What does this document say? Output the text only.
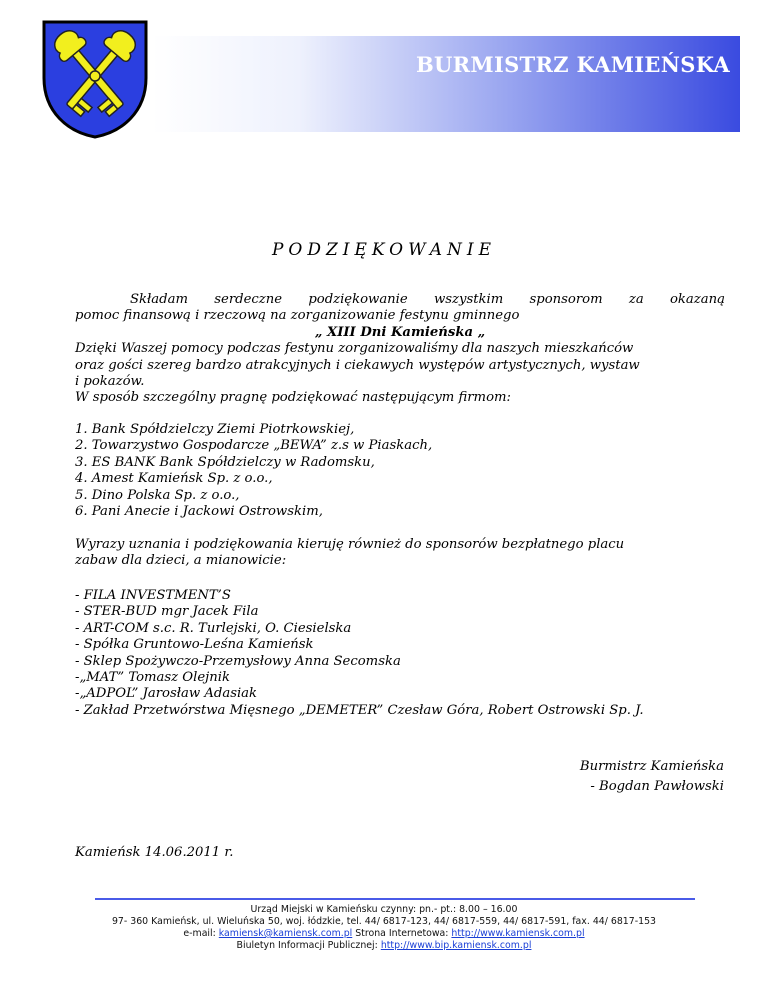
BURMISTRZ KAMIEŃSKA
PODZIĘKOWANIE
Składam serdeczne podziękowanie wszystkim sponsorom za okazaną
pomoc finansową i rzeczową na zorganizowanie festynu gminnego
„ XIII Dni Kamieńska „
Dzięki Waszej pomocy podczas festynu zorganizowaliśmy dla naszych mieszkańców
oraz gości szereg bardzo atrakcyjnych i ciekawych występów artystycznych, wystaw
i pokazów.
W sposób szczególny pragnę podziękować następującym firmom:
1. Bank Spółdzielczy Ziemi Piotrkowskiej,
2. Towarzystwo Gospodarcze „BEWA” z.s w Piaskach,
3. ES BANK Bank Spółdzielczy w Radomsku,
4. Amest Kamieńsk Sp. z o.o.,
5. Dino Polska Sp. z o.o.,
6. Pani Anecie i Jackowi Ostrowskim,
Wyrazy uznania i podziękowania kieruję również do sponsorów bezpłatnego placu
zabaw dla dzieci, a mianowicie:
- FILA INVESTMENT’S
- STER-BUD mgr Jacek Fila
- ART-COM s.c. R. Turlejski, O. Ciesielska
- Spółka Gruntowo-Leśna Kamieńsk
- Sklep Spożywczo-Przemysłowy Anna Secomska
-„MAT” Tomasz Olejnik
-„ADPOL” Jarosław Adasiak
- Zakład Przetwórstwa Mięsnego „DEMETER” Czesław Góra, Robert Ostrowski Sp. J.
Burmistrz Kamieńska
- Bogdan Pawłowski
Kamieńsk 14.06.2011 r.
Urząd Miejski w Kamieńsku czynny: pn.- pt.: 8.00 – 16.00
97- 360 Kamieńsk, ul. Wieluńska 50, woj. łódzkie, tel. 44/ 6817-123, 44/ 6817-559, 44/ 6817-591, fax. 44/ 6817-153
e-mail: kamiensk@kamiensk.com.pl Strona Internetowa: http://www.kamiensk.com.pl
Biuletyn Informacji Publicznej: http://www.bip.kamiensk.com.pl
